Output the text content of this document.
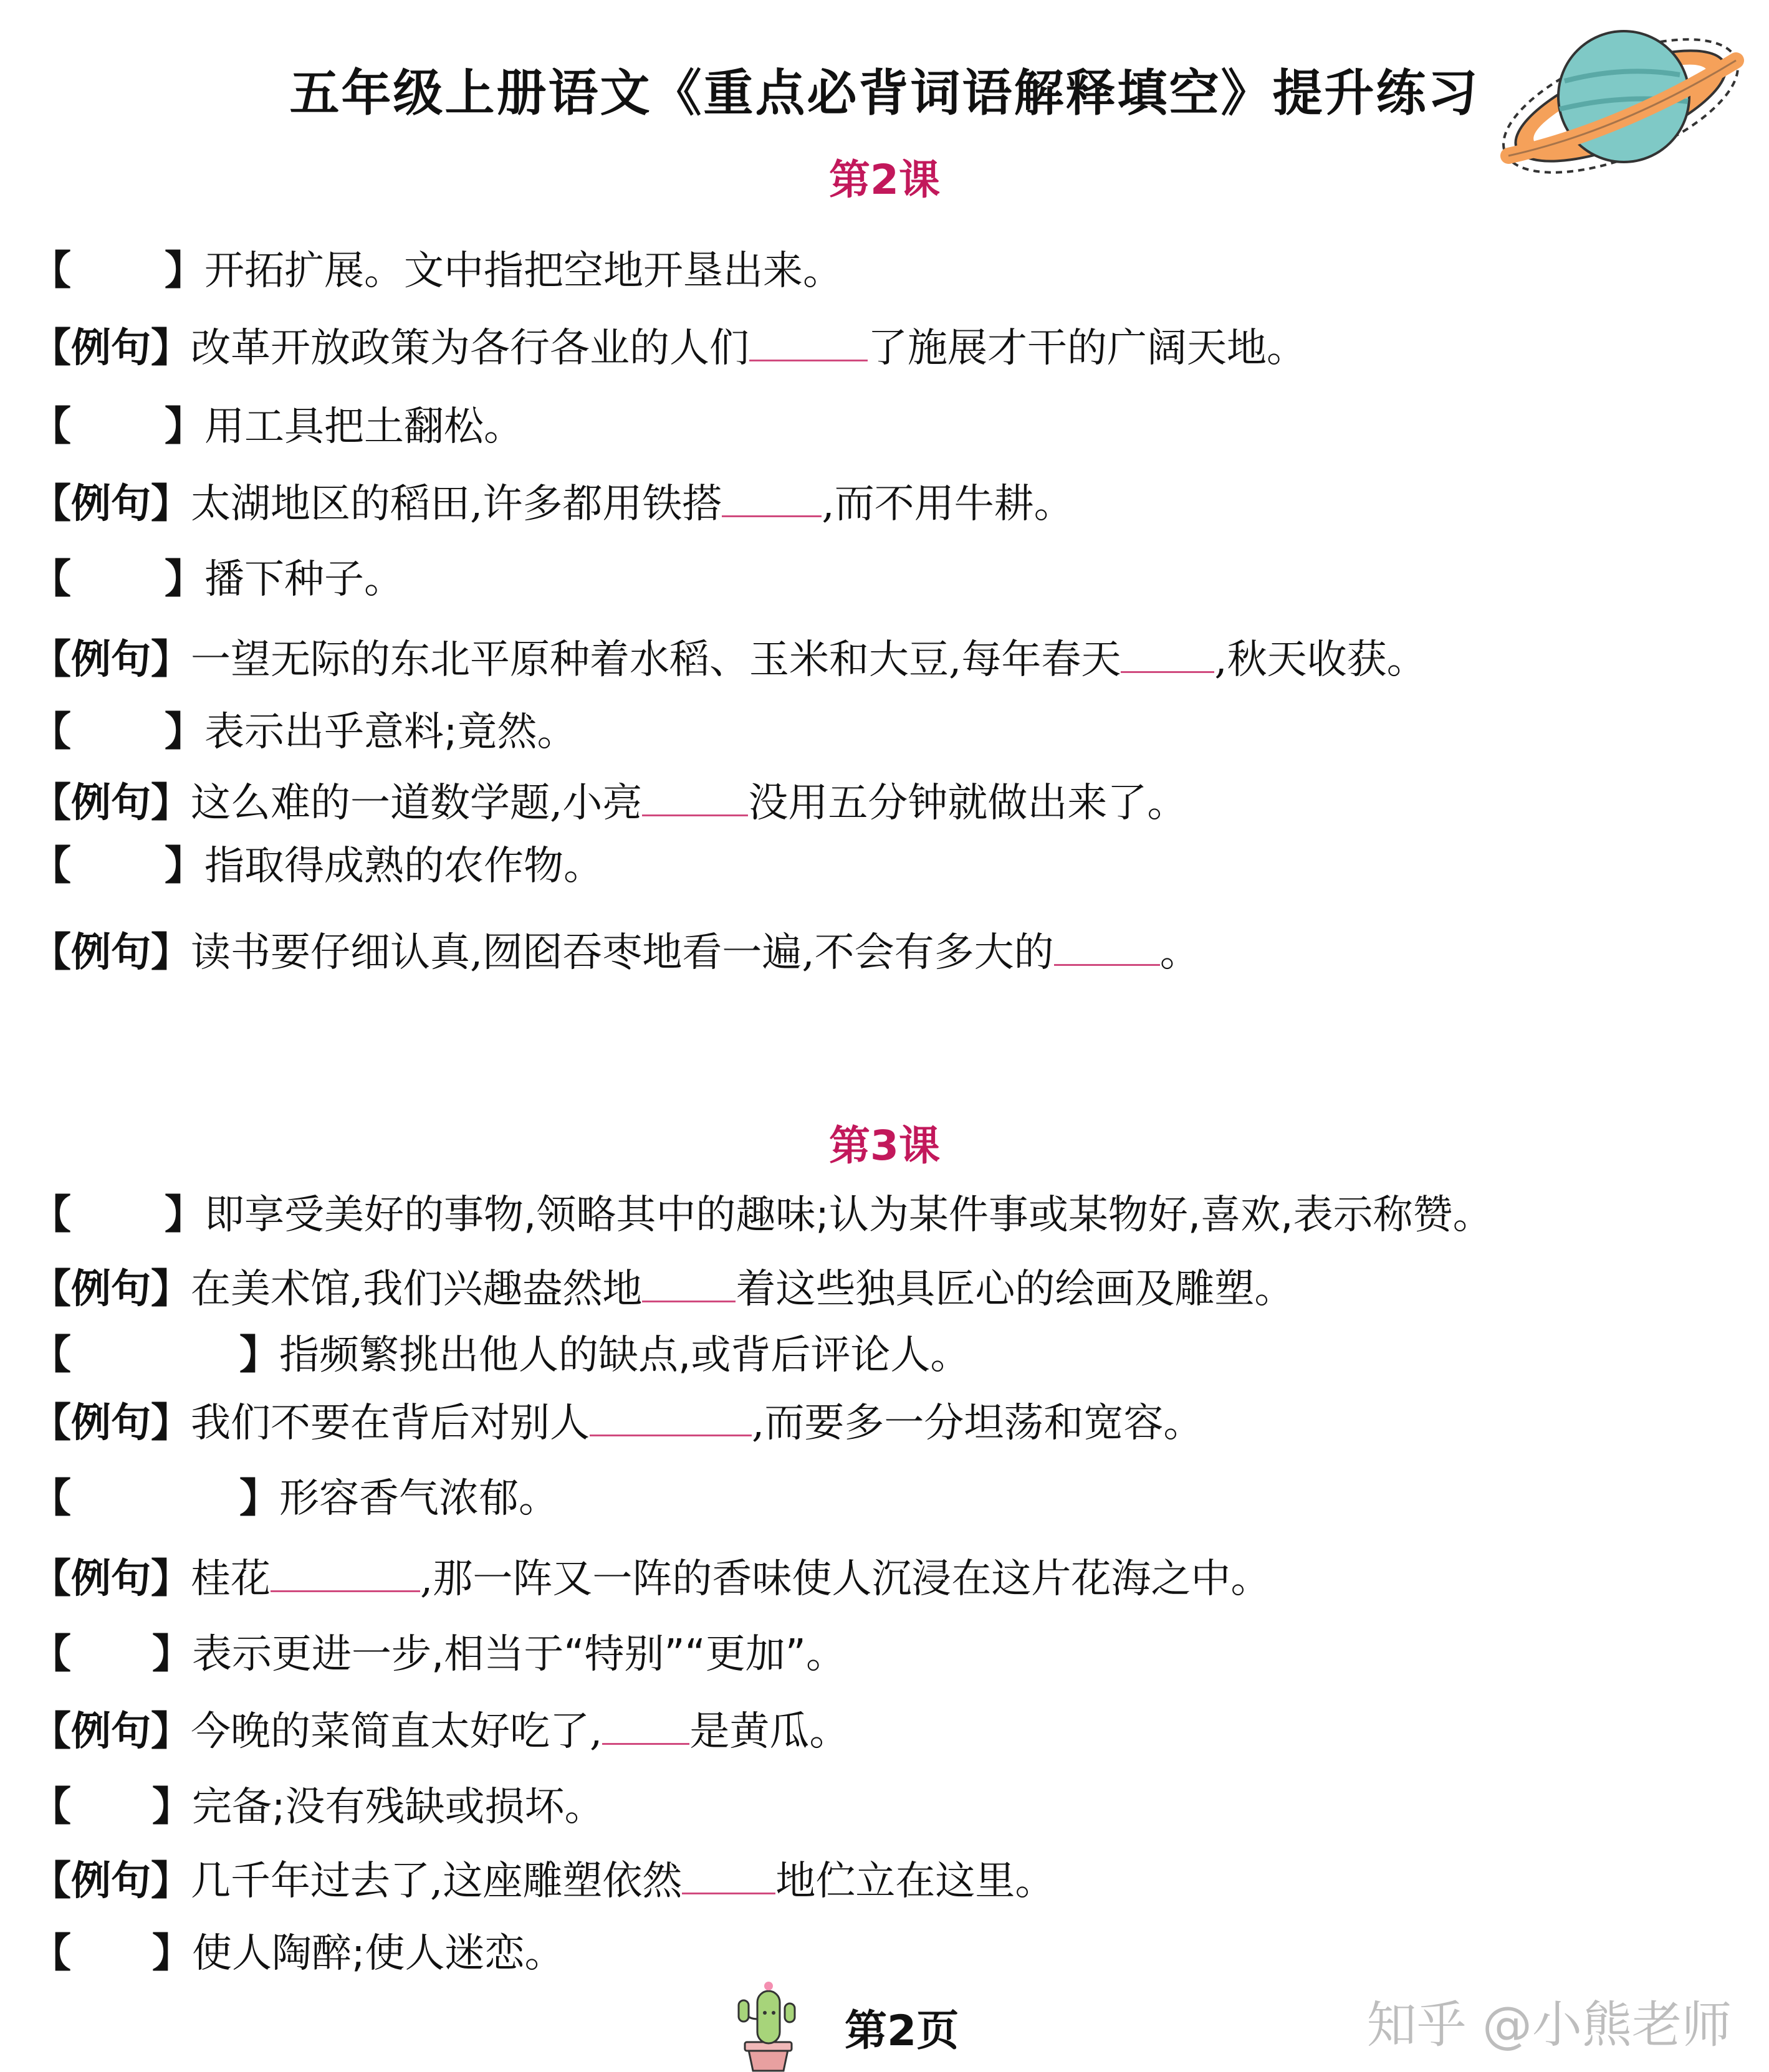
五年级上册语文《重点必背词语解释填空》提升练习
第2课
【 】开拓扩展。文中指把空地开垦出来。
【例句】改革开放政策为各行各业的人们	了施展才干的广阔天地。
【 】用工具把土翻松。
【例句】太湖地区的稻田,许多都用铁搭	,而不用牛耕。
【 】播下种子。
【例句】一望无际的东北平原种着水稻、玉米和大豆,每年春天 ,秋天收获。
【 】表示出乎意料;竟然。
【例句】这么难的一道数学题,小亮	没用五分钟就做出来了。
【 】指取得成熟的农作物。
【例句】读书要仔细认真,囫囵吞枣地看一遍,不会有多大的	。
第3课
【 】即享受美好的事物,领略其中的趣味;认为某件事或某物好,喜欢,表示称赞。
【例句】在美术馆,我们兴趣盎然地 着这些独具匠心的绘画及雕塑。
【	】指频繁挑出他人的缺点,或背后评论人。
【例句】我们不要在背后对别人	,而要多一分坦荡和宽容。
【	】形容香气浓郁。
【例句】桂花	,那一阵又一阵的香味使人沉浸在这片花海之中。
【 】表示更进一步,相当于“特别”“更加”。
【例句】今晚的菜简直太好吃了, 是黄瓜。
【 】完备;没有残缺或损坏。
【例句】几千年过去了,这座雕塑依然 地伫立在这里。
【 】使人陶醉;使人迷恋。
第2页	知乎 @小熊老师
